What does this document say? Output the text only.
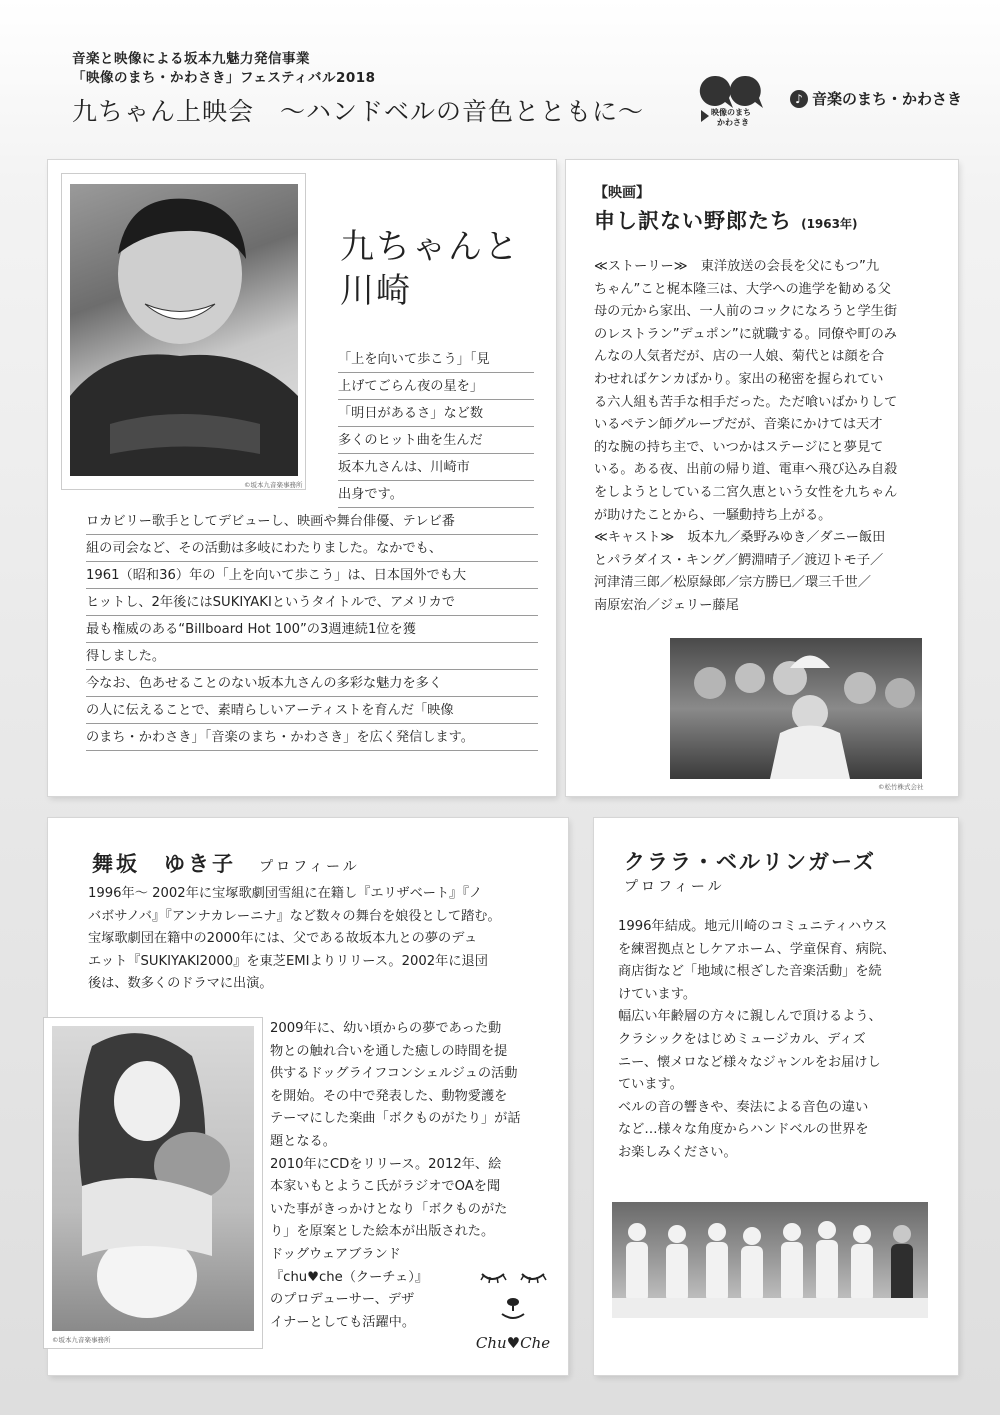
音楽と映像による坂本九魅力発信事業
「映像のまち・かわさき」フェスティバル2018
九ちゃん上映会　～ハンドベルの音色とともに～	映像のまち
かわさき
♪ 音楽のまち・かわさき
©坂本九音楽事務所
九ちゃんと
川崎
「上を向いて歩こう」「見
上げてごらん夜の星を」
「明日があるさ」など数
多くのヒット曲を生んだ
坂本九さんは、川崎市
出身です。
ロカビリー歌手としてデビューし、映画や舞台俳優、テレビ番
組の司会など、その活動は多岐にわたりました。なかでも、
1961（昭和36）年の「上を向いて歩こう」は、日本国外でも大
ヒットし、2年後にはSUKIYAKIというタイトルで、アメリカで
最も権威のある“Billboard Hot 100”の3週連続1位を獲
得しました。
今なお、色あせることのない坂本九さんの多彩な魅力を多く
の人に伝えることで、素晴らしいアーティストを育んだ「映像
のまち・かわさき」「音楽のまち・かわさき」を広く発信します。
【映画】
申し訳ない野郎たち (1963年)
≪ストーリー≫　東洋放送の会長を父にもつ”九
ちゃん”こと梶本隆三は、大学への進学を勧める父
母の元から家出、一人前のコックになろうと学生街
のレストラン”デュポン”に就職する。同僚や町のみ
んなの人気者だが、店の一人娘、菊代とは顔を合
わせればケンカばかり。家出の秘密を握られてい
る六人組も苦手な相手だった。ただ喰いばかりして
いるペテン師グループだが、音楽にかけては天才
的な腕の持ち主で、いつかはステージにと夢見て
いる。ある夜、出前の帰り道、電車へ飛び込み自殺
をしようとしている二宮久恵という女性を九ちゃん
が助けたことから、一騒動持ち上がる。
≪キャスト≫　坂本九／桑野みゆき／ダニー飯田
とパラダイス・キング／鰐淵晴子／渡辺トモ子／
河津清三郎／松原緑郎／宗方勝巳／環三千世／
南原宏治／ジェリー藤尾
©松竹株式会社
舞坂　ゆき子 プロフィール
1996年～ 2002年に宝塚歌劇団雪組に在籍し『エリザベート』『ノ
バボサノバ』『アンナカレーニナ』など数々の舞台を娘役として踏む。
宝塚歌劇団在籍中の2000年には、父である故坂本九との夢のデュ
エット『SUKIYAKI2000』を東芝EMIよりリリース。2002年に退団
後は、数多くのドラマに出演。
©坂本九音楽事務所
2009年に、幼い頃からの夢であった動
物との触れ合いを通した癒しの時間を提
供するドッグライフコンシェルジュの活動
を開始。その中で発表した、動物愛護を
テーマにした楽曲「ボクものがたり」が話
題となる。
2010年にCDをリリース。2012年、絵
本家いもとようこ氏がラジオでOAを聞
いた事がきっかけとなり「ボクものがた
り」を原案とした絵本が出版された。
ドッグウェアブランド
『chu♥che（クーチェ）』
のプロデューサー、デザ
イナーとしても活躍中。
Chu♥Che
クララ・ベルリンガーズ
プロフィール
1996年結成。地元川崎のコミュニティハウス
を練習拠点としケアホーム、学童保育、病院、
商店街など「地域に根ざした音楽活動」を続
けています。
幅広い年齢層の方々に親しんで頂けるよう、
クラシックをはじめミュージカル、ディズ
ニー、懐メロなど様々なジャンルをお届けし
ています。
ベルの音の響きや、奏法による音色の違い
など…様々な角度からハンドベルの世界を
お楽しみください。
